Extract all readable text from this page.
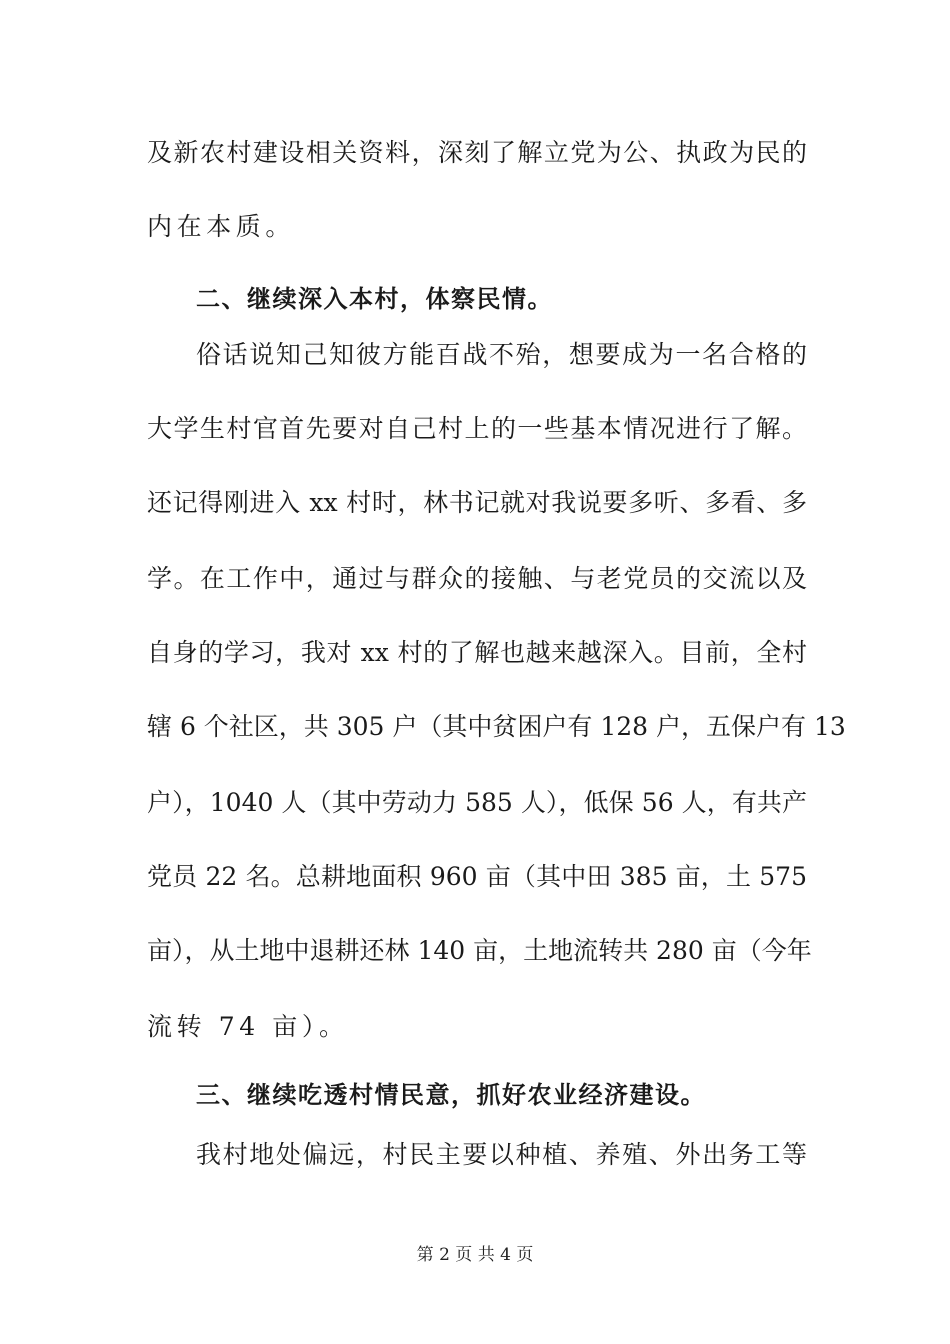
及新农村建设相关资料，深刻了解立党为公、执政为民的
内在本质。
二、继续深入本村，体察民情。
俗话说知己知彼方能百战不殆，想要成为一名合格的
大学生村官首先要对自己村上的一些基本情况进行了解。
还记得刚进入 xx 村时，林书记就对我说要多听、多看、多
学。在工作中，通过与群众的接触、与老党员的交流以及
自身的学习，我对 xx 村的了解也越来越深入。目前，全村
辖 6 个社区，共 305 户（其中贫困户有 128 户，五保户有 13
户），1040 人（其中劳动力 585 人），低保 56 人，有共产
党员 22 名。总耕地面积 960 亩（其中田 385 亩，土 575
亩），从土地中退耕还林 140 亩，土地流转共 280 亩（今年
流转 74 亩）。
三、继续吃透村情民意，抓好农业经济建设。
我村地处偏远，村民主要以种植、养殖、外出务工等
第 2 页 共 4 页
